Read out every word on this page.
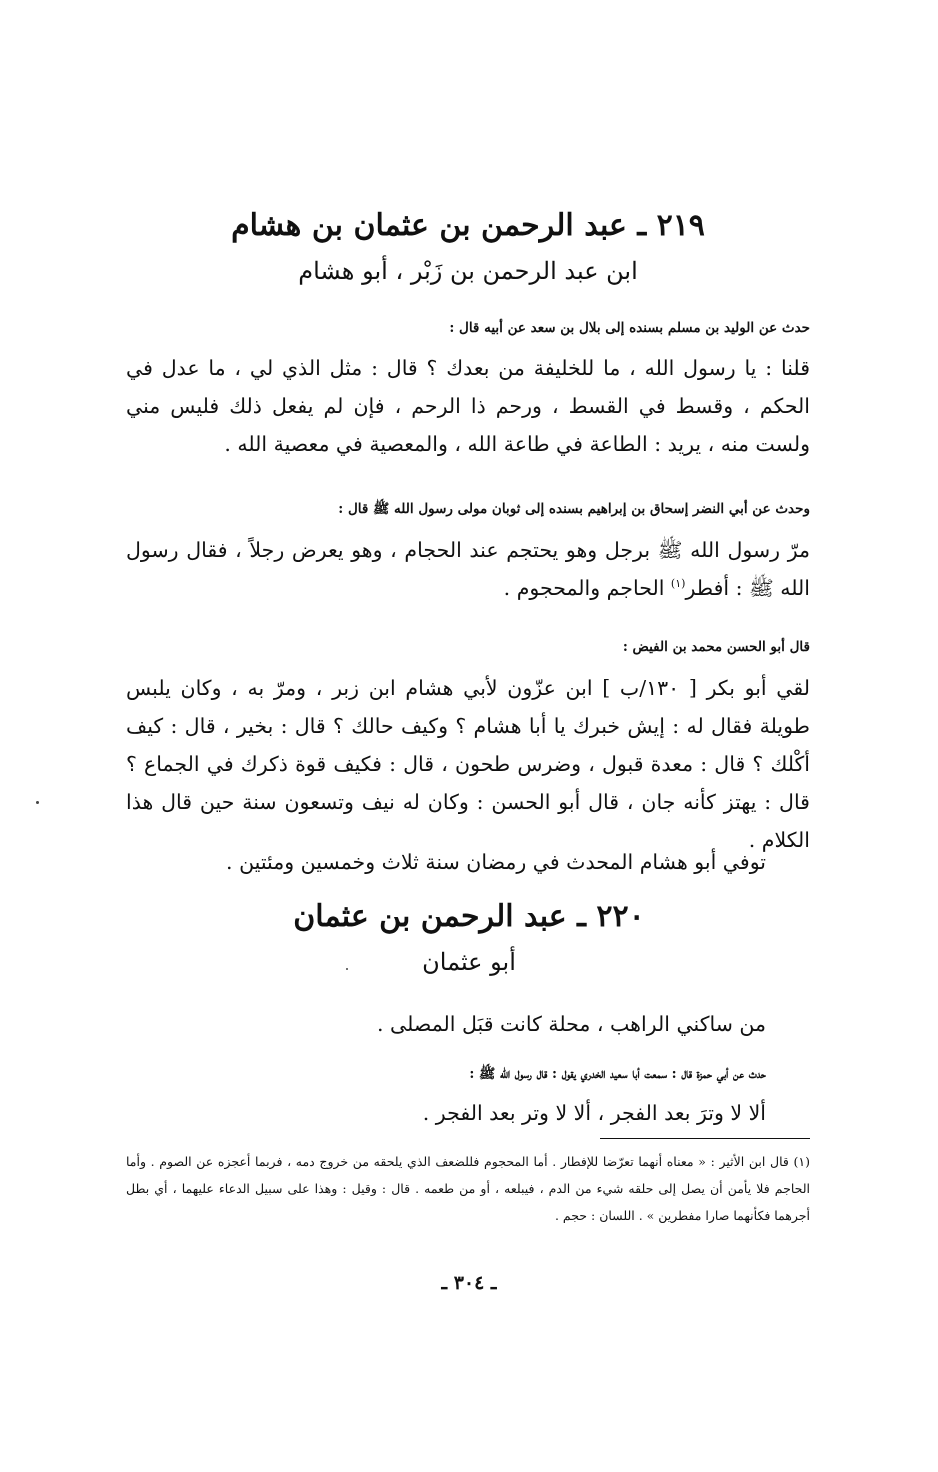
٢١٩ ـ عبد الرحمن بن عثمان بن هشام
ابن عبد الرحمن بن زَبْر ، أبو هشام
حدث عن الوليد بن مسلم بسنده إلى بلال بن سعد عن أبيه قال :

قلنا : يا رسول الله ، ما للخليفة من بعدك ؟ قال : مثل الذي لي ، ما عدل في الحكم ، وقسط في القسط ، ورحم ذا الرحم ، فإن لم يفعل ذلك فليس مني ولست منه ، يريد : الطاعة في طاعة الله ، والمعصية في معصية الله .

وحدث عن أبي النضر إسحاق بن إبراهيم بسنده إلى ثوبان مولى رسول الله ﷺ قال :

مرّ رسول الله ﷺ برجل وهو يحتجم عند الحجام ، وهو يعرض رجلاً ، فقال رسول الله ﷺ : أفطر$^{(١)}$ الحاجم والمحجوم .

قال أبو الحسن محمد بن الفيض :

لقي أبو بكر [ ١٣٠/ب ] ابن عزّون لأبي هشام ابن زبر ، ومرّ به ، وكان يلبس طويلة فقال له : إيش خبرك يا أبا هشام ؟ وكيف حالك ؟ قال : بخير ، قال : كيف أكْلك ؟ قال : معدة قبول ، وضرس طحون ، قال : فكيف قوة ذكرك في الجماع ؟ قال : يهتز كأنه جان ، قال أبو الحسن : وكان له نيف وتسعون سنة حين قال هذا الكلام .

توفي أبو هشام المحدث في رمضان سنة ثلاث وخمسين ومئتين .
٢٢٠ ـ عبد الرحمن بن عثمان
أبو عثمان
من ساكني الراهب ، محلة كانت قبَل المصلى .
حدث عن أبي حمزة قال : سمعت أبا سعيد الخدري يقول : قال رسول الله ﷺ :
ألا لا وترَ بعد الفجر ، ألا لا وتر بعد الفجر .
(١) قال ابن الأثير : « معناه أنهما تعرّضا للإفطار . أما المحجوم فللضعف الذي يلحقه من خروج دمه ، فربما أعجزه عن الصوم . وأما الحاجم فلا يأمن أن يصل إلى حلقه شيء من الدم ، فيبلعه ، أو من طعمه . قال : وقيل : وهذا على سبيل الدعاء عليهما ، أي بطل أجرهما فكأنهما صارا مفطرين » . اللسان : حجم .
ـ ٣٠٤ ـ
